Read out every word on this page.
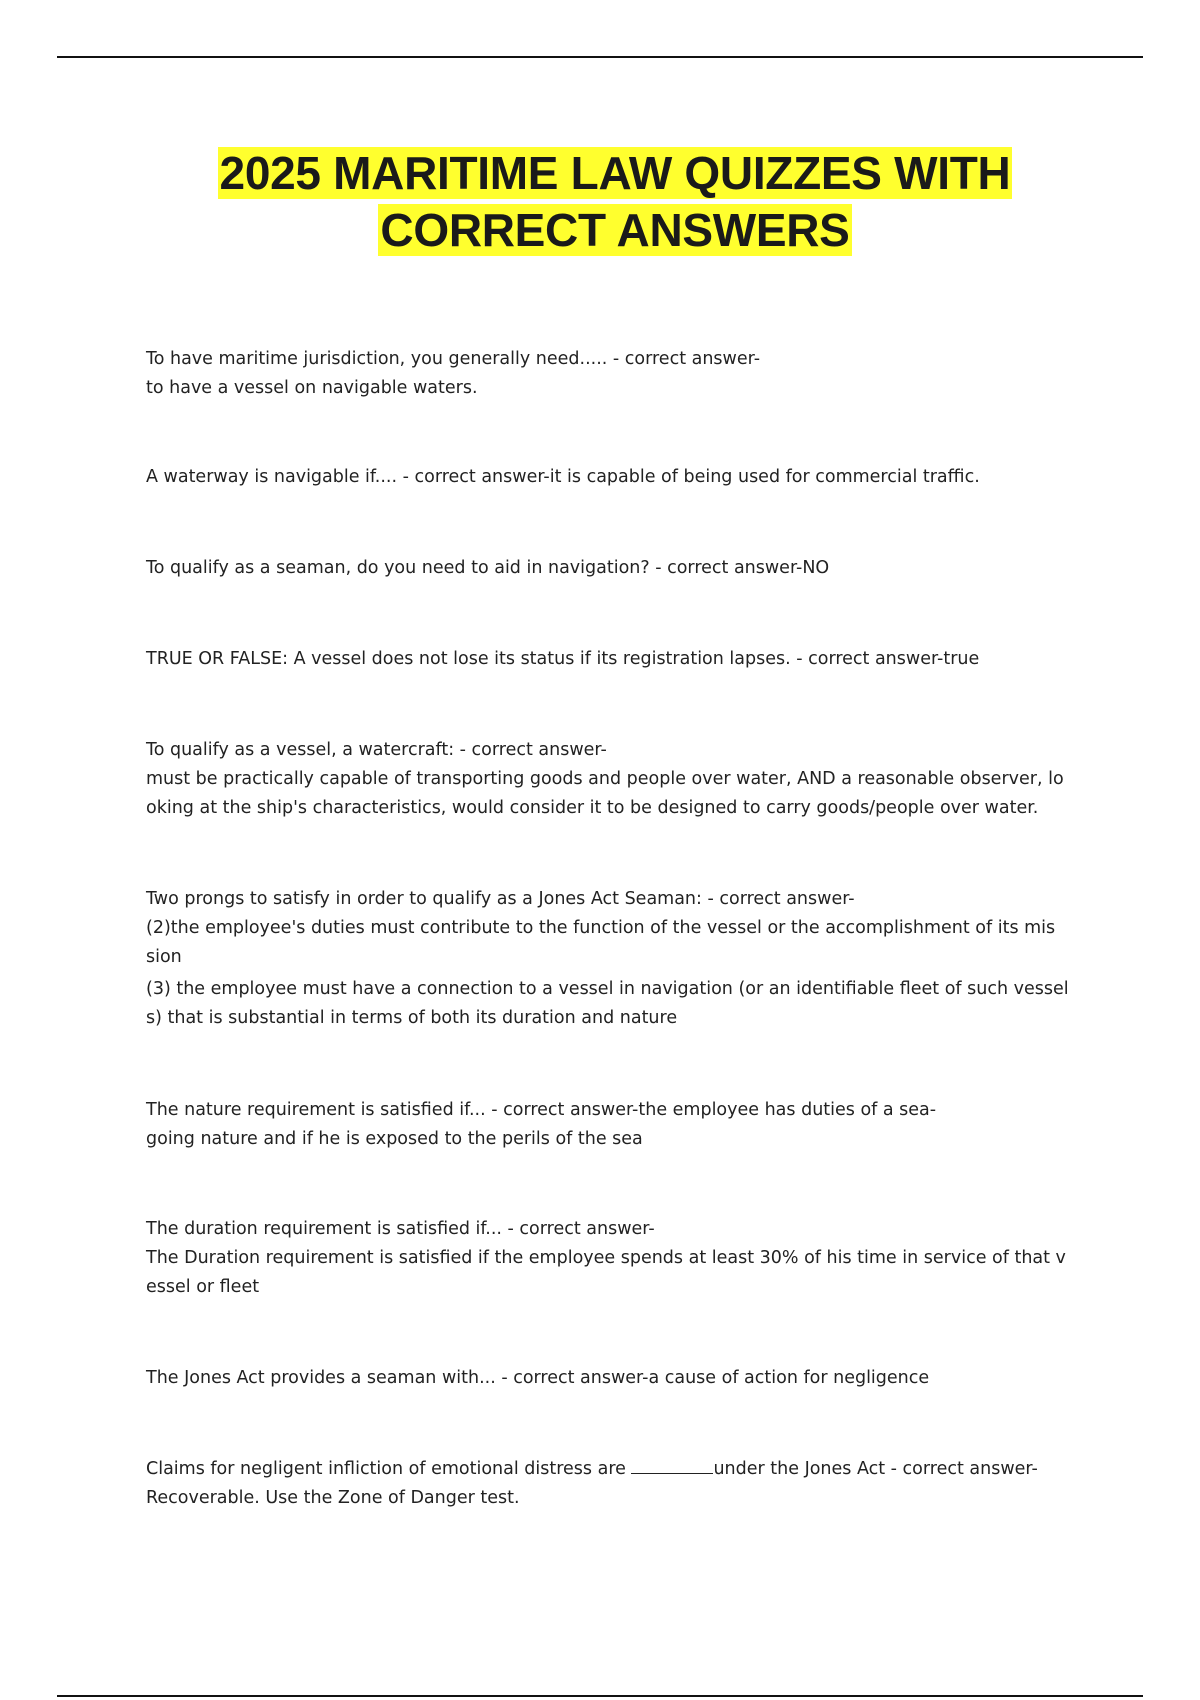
2025 MARITIME LAW QUIZZES WITH
CORRECT ANSWERS
To have maritime jurisdiction, you generally need..... - correct answer-
to have a vessel on navigable waters.
A waterway is navigable if.... - correct answer-it is capable of being used for commercial traffic.
To qualify as a seaman, do you need to aid in navigation? - correct answer-NO
TRUE OR FALSE: A vessel does not lose its status if its registration lapses. - correct answer-true
To qualify as a vessel, a watercraft: - correct answer-
must be practically capable of transporting goods and people over water, AND a reasonable observer, lo
oking at the ship's characteristics, would consider it to be designed to carry goods/people over water.
Two prongs to satisfy in order to qualify as a Jones Act Seaman: - correct answer-
(2)the employee's duties must contribute to the function of the vessel or the accomplishment of its mis
sion
(3) the employee must have a connection to a vessel in navigation (or an identifiable fleet of such vessel
s) that is substantial in terms of both its duration and nature
The nature requirement is satisfied if... - correct answer-the employee has duties of a sea-
going nature and if he is exposed to the perils of the sea
The duration requirement is satisfied if... - correct answer-
The Duration requirement is satisfied if the employee spends at least 30% of his time in service of that v
essel or fleet
The Jones Act provides a seaman with... - correct answer-a cause of action for negligence
Claims for negligent infliction of emotional distress are	under the Jones Act - correct answer-
Recoverable. Use the Zone of Danger test.
